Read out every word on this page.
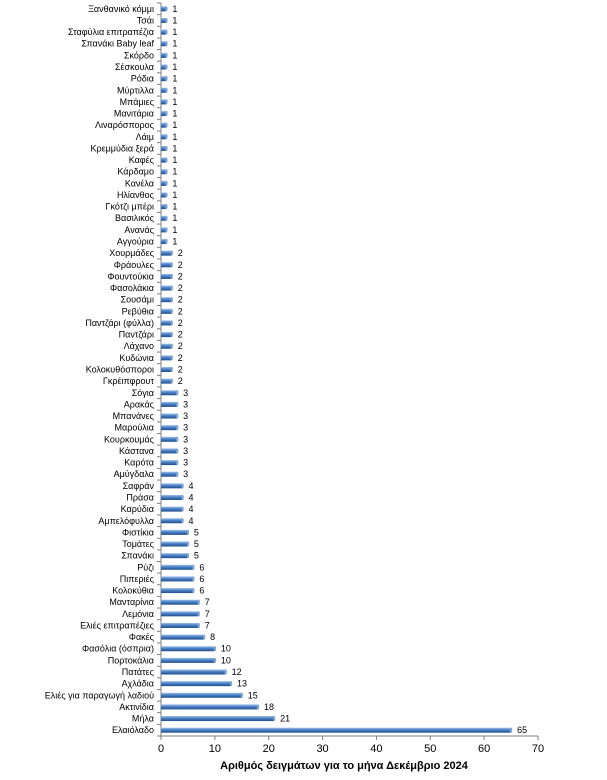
0	10	20	30	40	50	60	70
Ξανθανικό κόμμι 1
Τσάι 1
Σταφύλια επιτραπέζια 1
Σπανάκι Baby leaf 1
Σκόρδο 1
Σέσκουλα 1
Ρόδια 1
Μύρτιλλα 1
Μπάμιες 1
Μανιτάρια 1
Λιναρόσπορος 1
Λάιμ 1
Κρεμμύδια ξερά 1
Καφές 1
Κάρδαμο 1
Κανέλα 1
Ηλίανθος 1
Γκότζι μπέρι 1
Βασιλικός 1
Ανανάς 1
Αγγούρια 1
Χουρμάδες	2
Φράουλες	2
Φουντούκια	2
Φασολάκια	2
Σουσάμι	2
Ρεβύθια	2
Παντζάρι (φύλλα)	2
Παντζάρι	2
Λάχανο	2
Κυδώνια	2
Κολοκυθόσποροι	2
Γκρέιπφρουτ	2
Σόγια	3
Αρακάς	3
Μπανάνες	3
Μαρούλια	3
Κουρκουμάς	3
Κάστανα	3
Καρότα	3
Αμύγδαλα	3
Σαφράν	4
Πράσα	4
Καρύδια	4
Αμπελόφυλλα	4
Φιστίκια	5
Τομάτες	5
Σπανάκι	5
Ρύζι	6
Πιπεριές	6
Κολοκύθια	6
Μανταρίνια	7
Λεμόνια	7
Ελιές επιτραπέζιες	7
Φακές	8
Φασόλια (όσπρια)	10
Πορτοκάλια	10
Πατάτες	12
Αχλάδια	13
Ελιές για παραγωγή λαδιού	15
Ακτινίδια	18
Μήλα	21
Ελαιόλαδο	65
Αριθμός δειγμάτων για το μήνα Δεκέμβριο 2024
